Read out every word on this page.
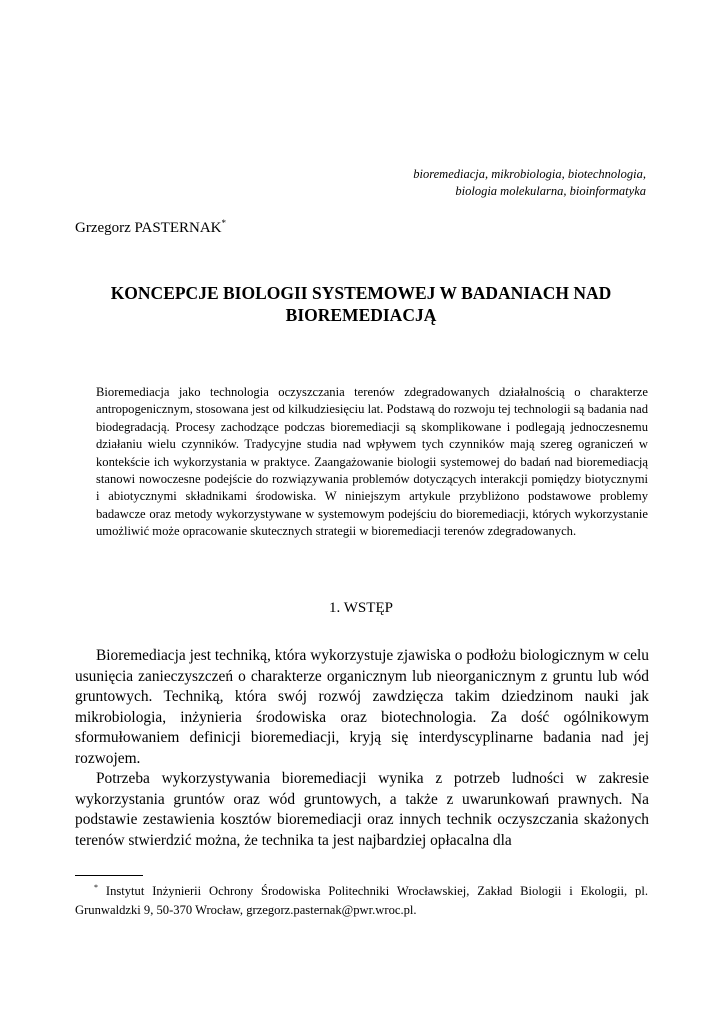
bioremediacja, mikrobiologia, biotechnologia,
biologia molekularna, bioinformatyka
Grzegorz PASTERNAK*
KONCEPCJE BIOLOGII SYSTEMOWEJ W BADANIACH NAD
BIOREMEDIACJĄ

Bioremediacja jako technologia oczyszczania terenów zdegradowanych działalnością o charakterze antropogenicznym, stosowana jest od kilkudziesięciu lat. Podstawą do rozwoju tej technologii są badania nad biodegradacją. Procesy zachodzące podczas bioremediacji są skomplikowane i podlegają jednoczesnemu działaniu wielu czynników. Tradycyjne studia nad wpływem tych czynników mają szereg ograniczeń w kontekście ich wykorzystania w praktyce. Zaangażowanie biologii systemowej do badań nad bioremediacją stanowi nowoczesne podejście do rozwiązywania problemów dotyczących interakcji pomiędzy biotycznymi i abiotycznymi składnikami środowiska. W niniejszym artykule przybliżono podstawowe problemy badawcze oraz metody wykorzystywane w systemowym podejściu do bioremediacji, których wykorzystanie umożliwić może opracowanie skutecznych strategii w bioremediacji terenów zdegradowanych.

1. WSTĘP

Bioremediacja jest techniką, która wykorzystuje zjawiska o podłożu biologicznym w celu usunięcia zanieczyszczeń o charakterze organicznym lub nieorganicznym z gruntu lub wód gruntowych. Techniką, która swój rozwój zawdzięcza takim dziedzinom nauki jak mikrobiologia, inżynieria środowiska oraz biotechnologia. Za dość ogólnikowym sformułowaniem definicji bioremediacji, kryją się interdyscyplinarne badania nad jej rozwojem.

Potrzeba wykorzystywania bioremediacji wynika z potrzeb ludności w zakresie wykorzystania gruntów oraz wód gruntowych, a także z uwarunkowań prawnych. Na podstawie zestawienia kosztów bioremediacji oraz innych technik oczyszczania skażonych terenów stwierdzić można, że technika ta jest najbardziej opłacalna dla

* Instytut Inżynierii Ochrony Środowiska Politechniki Wrocławskiej, Zakład Biologii i Ekologii, pl. Grunwaldzki 9, 50-370 Wrocław, grzegorz.pasternak@pwr.wroc.pl.
